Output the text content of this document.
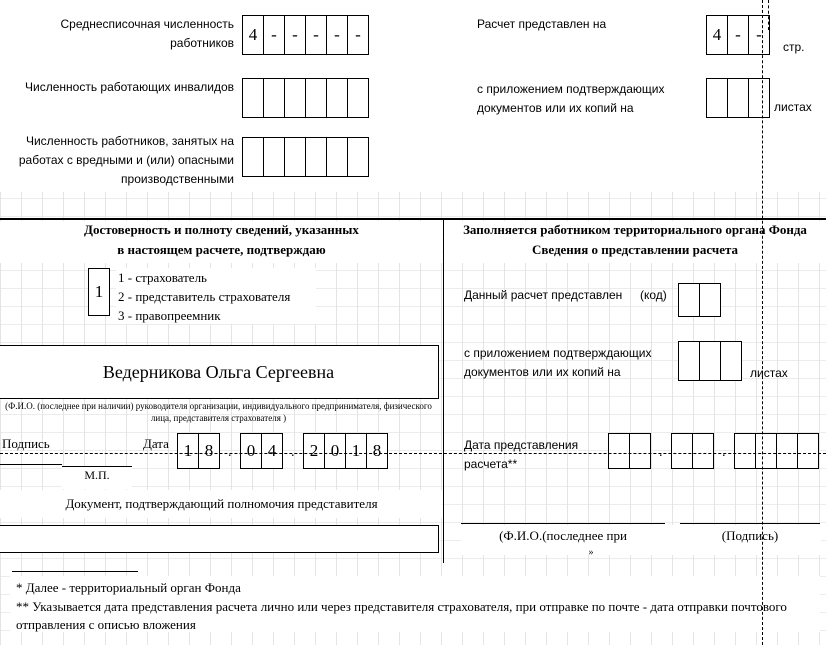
Среднесписочная численность работников 4 - - - - -
Расчет представлен на
4 - -
стр.
Численность работающих инвалидов	с приложением подтверждающих документов или их копий на	листах
Численность работников, занятых на работах с вредными и (или) опасными производственными
Достоверность и полноту сведений, указанных
в настоящем расчете, подтверждаю
1
1 - страхователь
2 - представитель страхователя
3 - правопреемник
Ведерникова Ольга Сергеевна
(Ф.И.О. (последнее при наличии) руководителя организации, индивидуального предпринимателя, физического лица, представителя страхователя )
Подпись	Дата 1 8	. 0 4	. 2 0 1 8
М.П.
Документ, подтверждающий полномочия представителя
Заполняется работником территориального органа Фонда
Сведения о представлении расчета
Данный расчет представлен (код)
с приложением подтверждающих документов или их копий на	листах
Дата представления расчета**
.	.
(Ф.И.О.(последнее при
»
(Подпись)
* Далее - территориальный орган Фонда
** Указывается дата представления расчета лично или через представителя страхователя, при отправке по почте - дата отправки почтового отправления с описью вложения
